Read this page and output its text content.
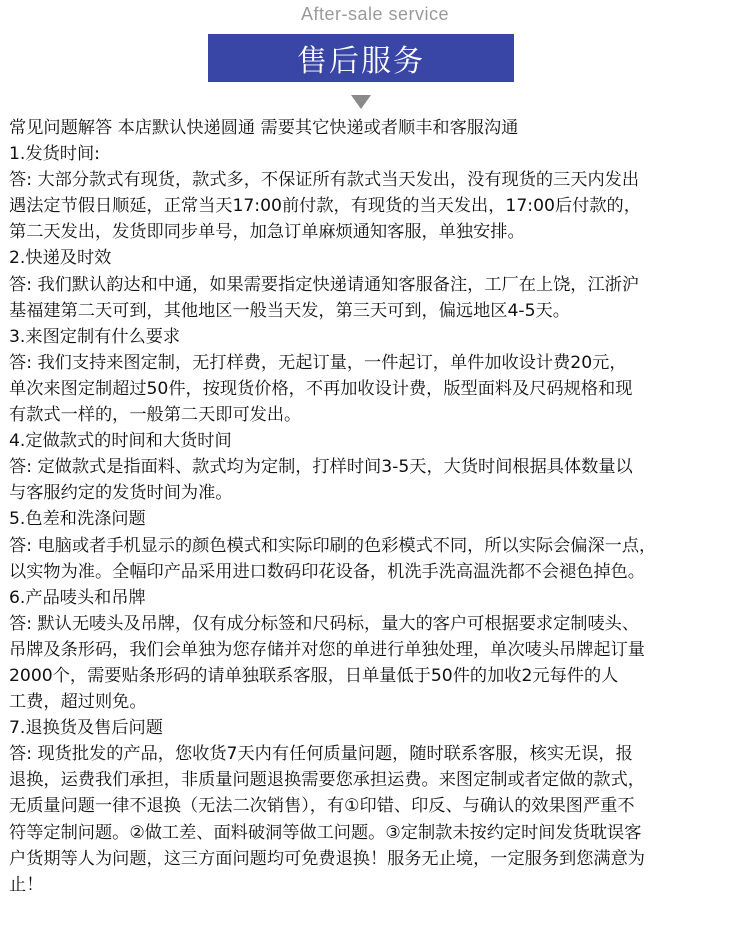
After-sale service
售后服务
常见问题解答 本店默认快递圆通 需要其它快递或者顺丰和客服沟通
1.发货时间:
答: 大部分款式有现货，款式多，不保证所有款式当天发出，没有现货的三天内发出
遇法定节假日顺延，正常当天17:00前付款，有现货的当天发出，17:00后付款的，
第二天发出，发货即同步单号，加急订单麻烦通知客服，单独安排。
2.快递及时效
答: 我们默认韵达和中通，如果需要指定快递请通知客服备注，工厂在上饶，江浙沪
基福建第二天可到，其他地区一般当天发，第三天可到，偏远地区4-5天。
3.来图定制有什么要求
答: 我们支持来图定制，无打样费，无起订量，一件起订，单件加收设计费20元，
单次来图定制超过50件，按现货价格，不再加收设计费，版型面料及尺码规格和现
有款式一样的，一般第二天即可发出。
4.定做款式的时间和大货时间
答: 定做款式是指面料、款式均为定制，打样时间3-5天，大货时间根据具体数量以
与客服约定的发货时间为准。
5.色差和洗涤问题
答: 电脑或者手机显示的颜色模式和实际印刷的色彩模式不同，所以实际会偏深一点，
以实物为准。全幅印产品采用进口数码印花设备，机洗手洗高温洗都不会褪色掉色。
6.产品唛头和吊牌
答: 默认无唛头及吊牌，仅有成分标签和尺码标，量大的客户可根据要求定制唛头、
吊牌及条形码，我们会单独为您存储并对您的单进行单独处理，单次唛头吊牌起订量
2000个，需要贴条形码的请单独联系客服，日单量低于50件的加收2元每件的人
工费，超过则免。
7.退换货及售后问题
答: 现货批发的产品，您收货7天内有任何质量问题，随时联系客服，核实无误，报
退换，运费我们承担，非质量问题退换需要您承担运费。来图定制或者定做的款式，
无质量问题一律不退换（无法二次销售），有①印错、印反、与确认的效果图严重不
符等定制问题。②做工差、面料破洞等做工问题。③定制款未按约定时间发货耽误客
户货期等人为问题，这三方面问题均可免费退换！服务无止境，一定服务到您满意为
止！
